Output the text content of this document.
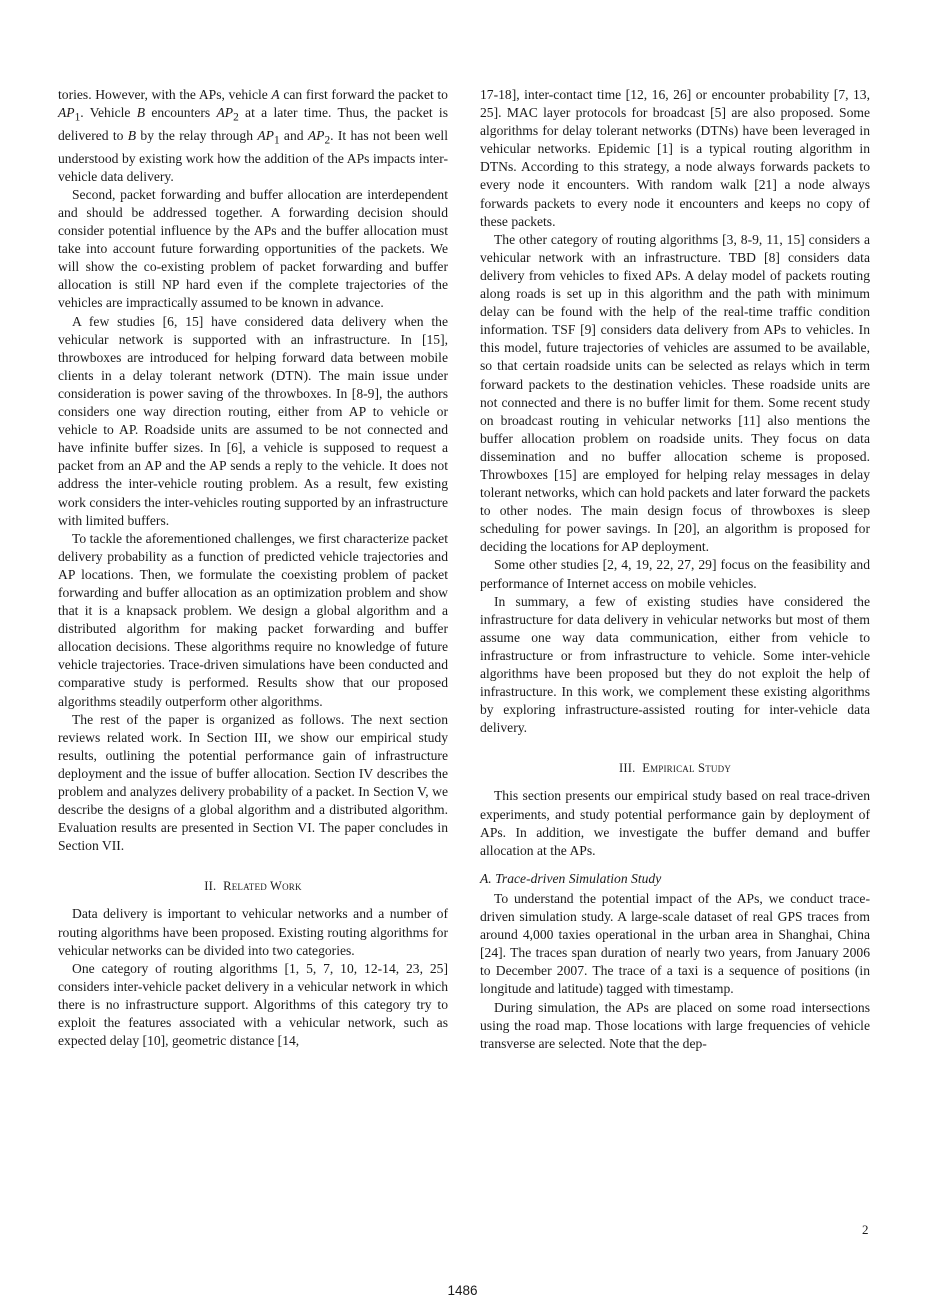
tories. However, with the APs, vehicle A can first forward the packet to $AP_1$. Vehicle B encounters $AP_2$ at a later time. Thus, the packet is delivered to B by the relay through $AP_1$ and $AP_2$. It has not been well understood by existing work how the addition of the APs impacts inter-vehicle data delivery.

Second, packet forwarding and buffer allocation are interdependent and should be addressed together. A forwarding decision should consider potential influence by the APs and the buffer allocation must take into account future forwarding opportunities of the packets. We will show the co-existing problem of packet forwarding and buffer allocation is still NP hard even if the complete trajectories of the vehicles are impractically assumed to be known in advance.

A few studies [6, 15] have considered data delivery when the vehicular network is supported with an infrastructure. In [15], throwboxes are introduced for helping forward data between mobile clients in a delay tolerant network (DTN). The main issue under consideration is power saving of the throwboxes. In [8-9], the authors considers one way direction routing, either from AP to vehicle or vehicle to AP. Roadside units are assumed to be not connected and have infinite buffer sizes. In [6], a vehicle is supposed to request a packet from an AP and the AP sends a reply to the vehicle. It does not address the inter-vehicle routing problem. As a result, few existing work considers the inter-vehicles routing supported by an infrastructure with limited buffers.

To tackle the aforementioned challenges, we first characterize packet delivery probability as a function of predicted vehicle trajectories and AP locations. Then, we formulate the coexisting problem of packet forwarding and buffer allocation as an optimization problem and show that it is a knapsack problem. We design a global algorithm and a distributed algorithm for making packet forwarding and buffer allocation decisions. These algorithms require no knowledge of future vehicle trajectories. Trace-driven simulations have been conducted and comparative study is performed. Results show that our proposed algorithms steadily outperform other algorithms.

The rest of the paper is organized as follows. The next section reviews related work. In Section III, we show our empirical study results, outlining the potential performance gain of infrastructure deployment and the issue of buffer allocation. Section IV describes the problem and analyzes delivery probability of a packet. In Section V, we describe the designs of a global algorithm and a distributed algorithm. Evaluation results are presented in Section VI. The paper concludes in Section VII.

II. Related Work

Data delivery is important to vehicular networks and a number of routing algorithms have been proposed. Existing routing algorithms for vehicular networks can be divided into two categories.

One category of routing algorithms [1, 5, 7, 10, 12-14, 23, 25] considers inter-vehicle packet delivery in a vehicular network in which there is no infrastructure support. Algorithms of this category try to exploit the features associated with a vehicular network, such as expected delay [10], geometric distance [14,

17-18], inter-contact time [12, 16, 26] or encounter probability [7, 13, 25]. MAC layer protocols for broadcast [5] are also proposed. Some algorithms for delay tolerant networks (DTNs) have been leveraged in vehicular networks. Epidemic [1] is a typical routing algorithm in DTNs. According to this strategy, a node always forwards packets to every node it encounters. With random walk [21] a node always forwards packets to every node it encounters and keeps no copy of these packets.

The other category of routing algorithms [3, 8-9, 11, 15] considers a vehicular network with an infrastructure. TBD [8] considers data delivery from vehicles to fixed APs. A delay model of packets routing along roads is set up in this algorithm and the path with minimum delay can be found with the help of the real-time traffic condition information. TSF [9] considers data delivery from APs to vehicles. In this model, future trajectories of vehicles are assumed to be available, so that certain roadside units can be selected as relays which in term forward packets to the destination vehicles. These roadside units are not connected and there is no buffer limit for them. Some recent study on broadcast routing in vehicular networks [11] also mentions the buffer allocation problem on roadside units. They focus on data dissemination and no buffer allocation scheme is proposed. Throwboxes [15] are employed for helping relay messages in delay tolerant networks, which can hold packets and later forward the packets to other nodes. The main design focus of throwboxes is sleep scheduling for power savings. In [20], an algorithm is proposed for deciding the locations for AP deployment.

Some other studies [2, 4, 19, 22, 27, 29] focus on the feasibility and performance of Internet access on mobile vehicles.

In summary, a few of existing studies have considered the infrastructure for data delivery in vehicular networks but most of them assume one way data communication, either from vehicle to infrastructure or from infrastructure to vehicle. Some inter-vehicle algorithms have been proposed but they do not exploit the help of infrastructure. In this work, we complement these existing algorithms by exploring infrastructure-assisted routing for inter-vehicle data delivery.

III. Empirical Study

This section presents our empirical study based on real trace-driven experiments, and study potential performance gain by deployment of APs. In addition, we investigate the buffer demand and buffer allocation at the APs.

A. Trace-driven Simulation Study

To understand the potential impact of the APs, we conduct trace-driven simulation study. A large-scale dataset of real GPS traces from around 4,000 taxies operational in the urban area in Shanghai, China [24]. The traces span duration of nearly two years, from January 2006 to December 2007. The trace of a taxi is a sequence of positions (in longitude and latitude) tagged with timestamp.

During simulation, the APs are placed on some road intersections using the road map. Those locations with large frequencies of vehicle transverse are selected. Note that the dep-

2
1486
